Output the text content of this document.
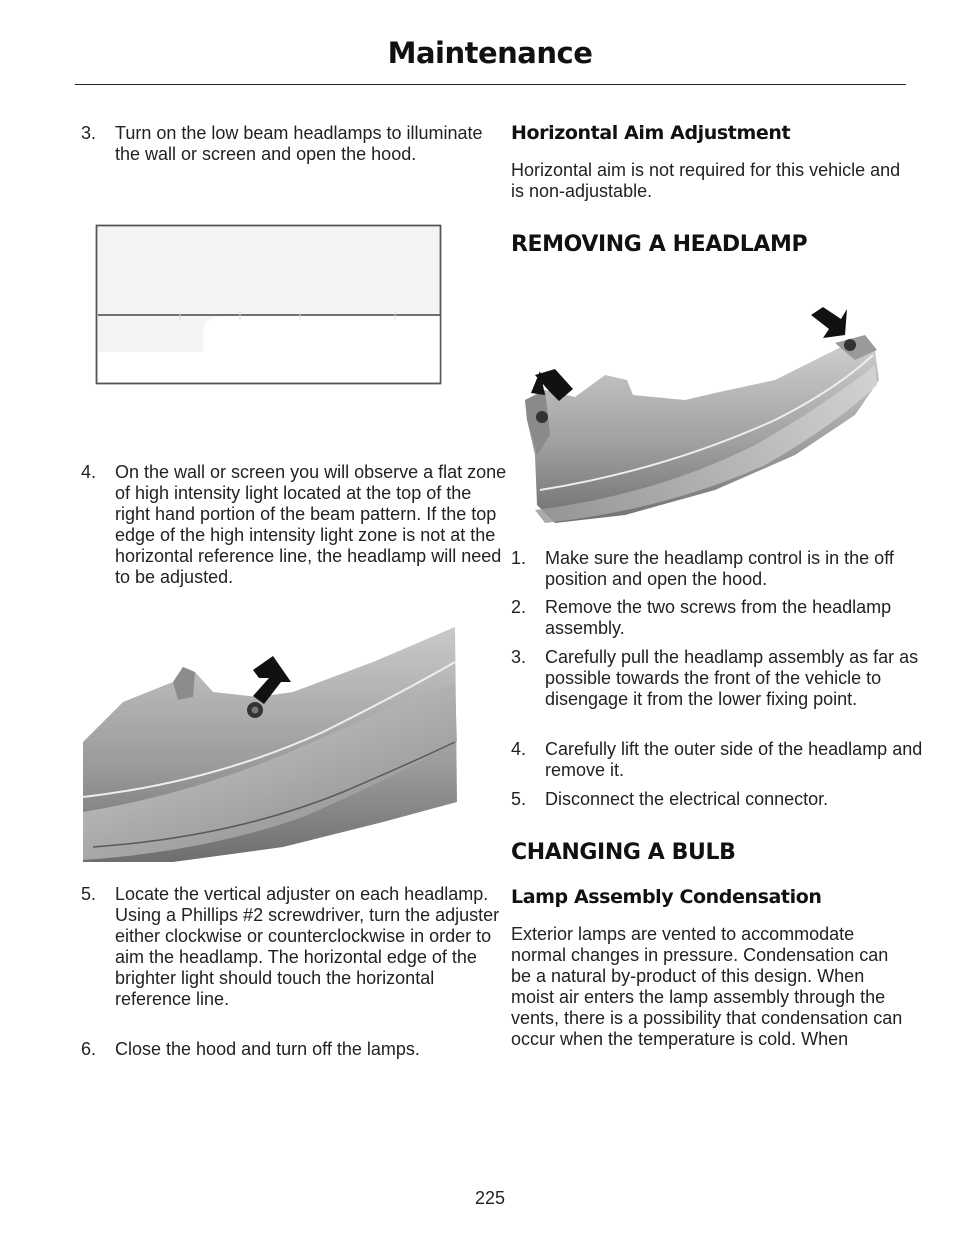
Maintenance
3. Turn on the low beam headlamps to illuminate the wall or screen and open the hood.
4. On the wall or screen you will observe a flat zone of high intensity light located at the top of the right hand portion of the beam pattern. If the top edge of the high intensity light zone is not at the horizontal reference line, the headlamp will need to be adjusted.
5. Locate the vertical adjuster on each headlamp. Using a Phillips #2 screwdriver, turn the adjuster either clockwise or counterclockwise in order to aim the headlamp. The horizontal edge of the brighter light should touch the horizontal reference line.
6. Close the hood and turn off the lamps.
Horizontal Aim Adjustment
Horizontal aim is not required for this vehicle and is non-adjustable.
REMOVING A HEADLAMP
1. Make sure the headlamp control is in the off position and open the hood.
2. Remove the two screws from the headlamp assembly.
3. Carefully pull the headlamp assembly as far as possible towards the front of the vehicle to disengage it from the lower fixing point.
4. Carefully lift the outer side of the headlamp and remove it.
5. Disconnect the electrical connector.
CHANGING A BULB
Lamp Assembly Condensation
Exterior lamps are vented to accommodate normal changes in pressure. Condensation can be a natural by-product of this design. When moist air enters the lamp assembly through the vents, there is a possibility that condensation can occur when the temperature is cold. When
225
